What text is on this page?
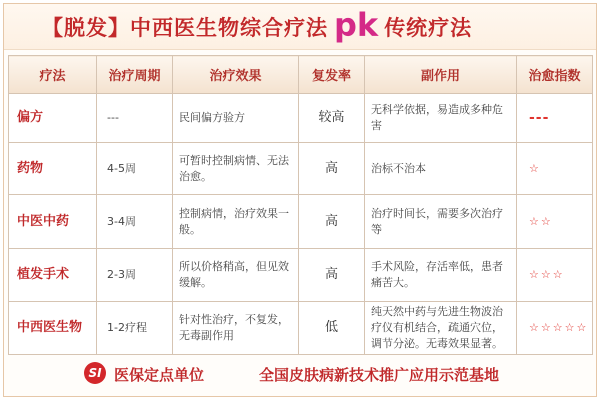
【脱发】中西医生物综合疗法 pk 传统疗法
疗法	治疗周期	治疗效果	复发率	副作用	治愈指数
偏方	---	民间偏方验方	较高	无科学依据，易造成多种危害	---
药物	4-5周	可暂时控制病情、无法治愈。	高	治标不治本	☆
中医中药	3-4周	控制病情，治疗效果一般。	高	治疗时间长，需要多次治疗等	☆☆
植发手术	2-3周	所以价格稍高，但见效缓解。	高	手术风险，存活率低，患者痛苦大。	☆☆☆
中西医生物	1-2疗程	针对性治疗，不复发，无毒副作用	低	纯天然中药与先进生物波治疗仪有机结合，疏通穴位，调节分泌。无毒效果显著。	☆☆☆☆☆
SI 医保定点单位	全国皮肤病新技术推广应用示范基地
